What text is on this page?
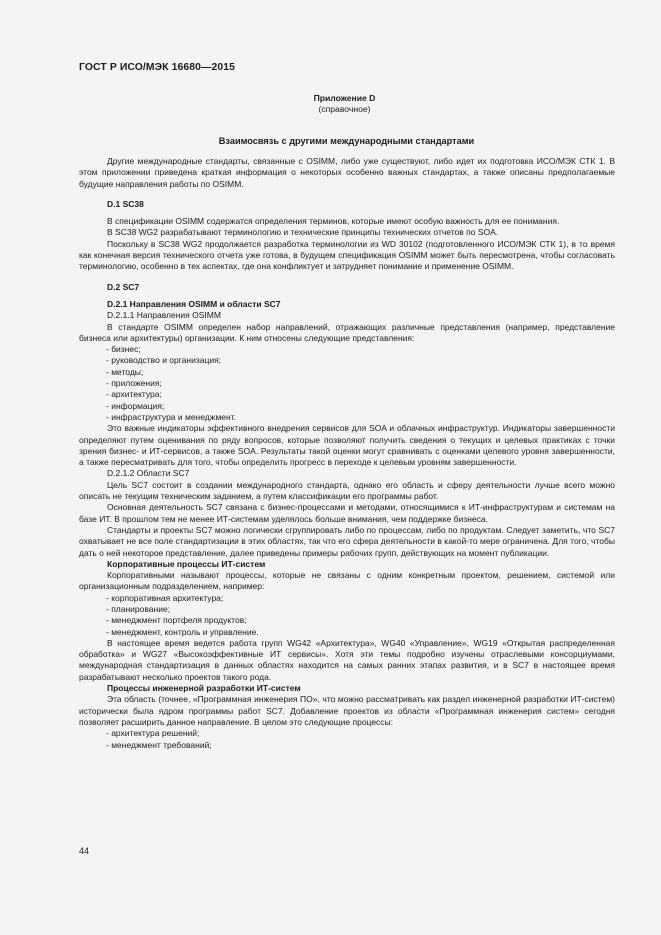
ГОСТ Р ИСО/МЭК 16680—2015
Приложение D
(справочное)
Взаимосвязь с другими международными стандартами

Другие международные стандарты, связанные с OSIMM, либо уже существуют, либо идет их подготовка ИСО/МЭК СТК 1. В этом приложении приведена краткая информация о некоторых особенно важных стандартах, а также описаны предполагаемые будущие направления работы по OSIMM.

D.1 SC38

В спецификации OSIMM содержатся определения терминов, которые имеют особую важность для ее понимания.

В SC38 WG2 разрабатывают терминологию и технические принципы технических отчетов по SOA.

Поскольку в SC38 WG2 продолжается разработка терминологии из WD 30102 (подготовленного ИСО/МЭК СТК 1), в то время как конечная версия технического отчета уже готова, в будущем спецификация OSIMM может быть пересмотрена, чтобы согласовать терминологию, особенно в тех аспектах, где она конфликтует и затрудняет понимание и применение OSIMM.

D.2 SC7

D.2.1 Направления OSIMM и области SC7

D.2.1.1 Направления OSIMM

В стандарте OSIMM определен набор направлений, отражающих различные представления (например, представление бизнеса или архитектуры) организации. К ним относены следующие представления:

- бизнес;

- руководство и организация;

- методы;

- приложения;

- архитектура;

- информация;

- инфраструктура и менеджмент.

Это важные индикаторы эффективного внедрения сервисов для SOA и облачных инфраструктур. Индикаторы завершенности определяют путем оценивания по ряду вопросов, которые позволяют получить сведения о текущих и целевых практиках с точки зрения бизнес- и ИТ-сервисов, а также SOA. Результаты такой оценки могут сравнивать с оценками целевого уровня завершенности, а также пересматривать для того, чтобы определить прогресс в переходе к целевым уровням завершенности.

D.2.1.2 Области SC7

Цель SC7 состоит в создании международного стандарта, однако его область и сферу деятельности лучше всего можно описать не текущим техническим заданием, а путем классификации его программы работ.

Основная деятельность SC7 связана с бизнес-процессами и методами, относящимися к ИТ-инфраструктурам и системам на базе ИТ. В прошлом тем не менее ИТ-системам уделялось больше внимания, чем поддержке бизнеса.

Стандарты и проекты SC7 можно логически сгруппировать либо по процессам, либо по продуктам. Следует заметить, что SC7 охватывает не все поле стандартизации в этих областях, так что его сфера деятельности в какой-то мере ограничена. Для того, чтобы дать о ней некоторое представление, далее приведены примеры рабочих групп, действующих на момент публикации.

Корпоративные процессы ИТ-систем

Корпоративными называют процессы, которые не связаны с одним конкретным проектом, решением, системой или организационным подразделением, например:

- корпоративная архитектура;

- планирование;

- менеджмент портфеля продуктов;

- менеджмент, контроль и управление.

В настоящее время ведется работа групп WG42 «Архитектура», WG40 «Управление», WG19 «Открытая распределенная обработка» и WG27 «Высокоэффективные ИТ сервисы». Хотя эти темы подробно изучены отраслевыми консорциумами, международная стандартизация в данных областях находится на самых ранних этапах развития, и в SC7 в настоящее время разрабатывают несколько проектов такого рода.

Процессы инженерной разработки ИТ-систем

Эта область (точнее, «Программная инженерия ПО», что можно рассматривать как раздел инженерной разработки ИТ-систем) исторически была ядром программы работ SC7. Добавление проектов из области «Программная инженерия систем» сегодня позволяет расширить данное направление. В целом это следующие процессы:

- архитектура решений;

- менеджмент требований;

44
